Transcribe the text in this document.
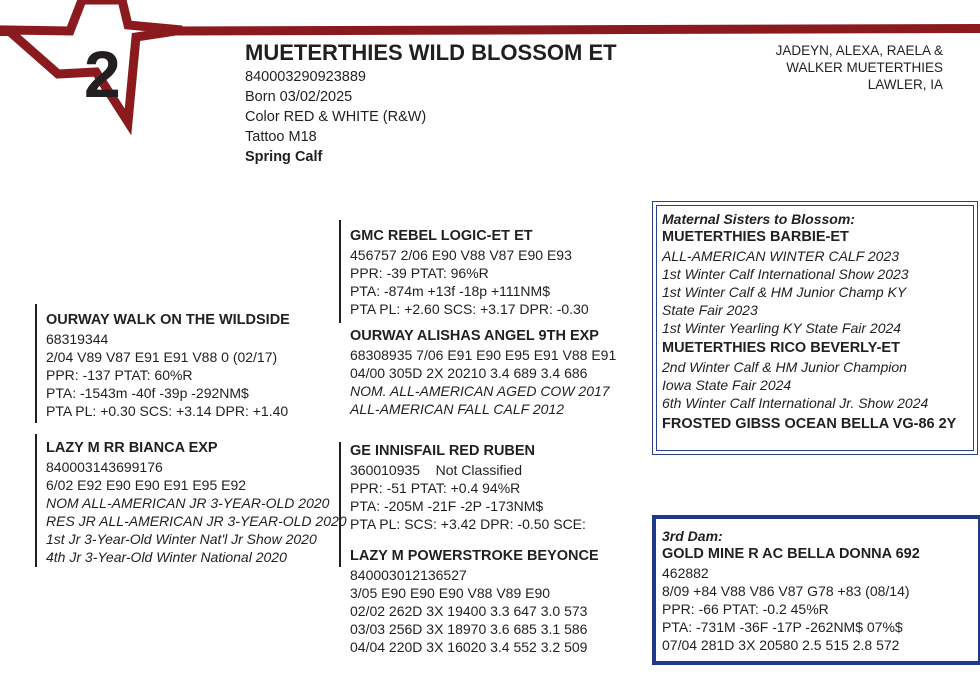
2	MUETERTHIES WILD BLOSSOM ET
840003290923889
Born 03/02/2025
Color RED & WHITE (R&W)
Tattoo M18
Spring Calf
JADEYN, ALEXA, RAELA &
WALKER MUETERTHIES
LAWLER, IA
OURWAY WALK ON THE WILDSIDE
68319344
2/04 V89 V87 E91 E91 V88 0 (02/17)
PPR: -137 PTAT: 60%R
PTA: -1543m -40f -39p -292NM$
PTA PL: +0.30 SCS: +3.14 DPR: +1.40
LAZY M RR BIANCA EXP
840003143699176
6/02 E92 E90 E90 E91 E95 E92
NOM ALL-AMERICAN JR 3-YEAR-OLD 2020
RES JR ALL-AMERICAN JR 3-YEAR-OLD 2020
1st Jr 3-Year-Old Winter Nat'l Jr Show 2020
4th Jr 3-Year-Old Winter National 2020
GMC REBEL LOGIC-ET ET
456757 2/06 E90 V88 V87 E90 E93
PPR: -39 PTAT: 96%R
PTA: -874m +13f -18p +111NM$
PTA PL: +2.60 SCS: +3.17 DPR: -0.30
OURWAY ALISHAS ANGEL 9TH EXP
68308935 7/06 E91 E90 E95 E91 V88 E91
04/00 305D 2X 20210 3.4 689 3.4 686
NOM. ALL-AMERICAN AGED COW 2017
ALL-AMERICAN FALL CALF 2012
GE INNISFAIL RED RUBEN
360010935    Not Classified
PPR: -51 PTAT: +0.4 94%R
PTA: -205M -21F -2P -173NM$
PTA PL: SCS: +3.42 DPR: -0.50 SCE:
LAZY M POWERSTROKE BEYONCE
840003012136527
3/05 E90 E90 E90 V88 V89 E90
02/02 262D 3X 19400 3.3 647 3.0 573
03/03 256D 3X 18970 3.6 685 3.1 586
04/04 220D 3X 16020 3.4 552 3.2 509
Maternal Sisters to Blossom:
MUETERTHIES BARBIE-ET
ALL-AMERICAN WINTER CALF 2023
1st Winter Calf International Show 2023
1st Winter Calf & HM Junior Champ KY
State Fair 2023
1st Winter Yearling KY State Fair 2024
MUETERTHIES RICO BEVERLY-ET
2nd Winter Calf & HM Junior Champion
Iowa State Fair 2024
6th Winter Calf International Jr. Show 2024
FROSTED GIBSS OCEAN BELLA VG-86 2Y
3rd Dam:
GOLD MINE R AC BELLA DONNA 692
462882
8/09 +84 V88 V86 V87 G78 +83 (08/14)
PPR: -66 PTAT: -0.2 45%R
PTA: -731M -36F -17P -262NM$ 07%$
07/04 281D 3X 20580 2.5 515 2.8 572
